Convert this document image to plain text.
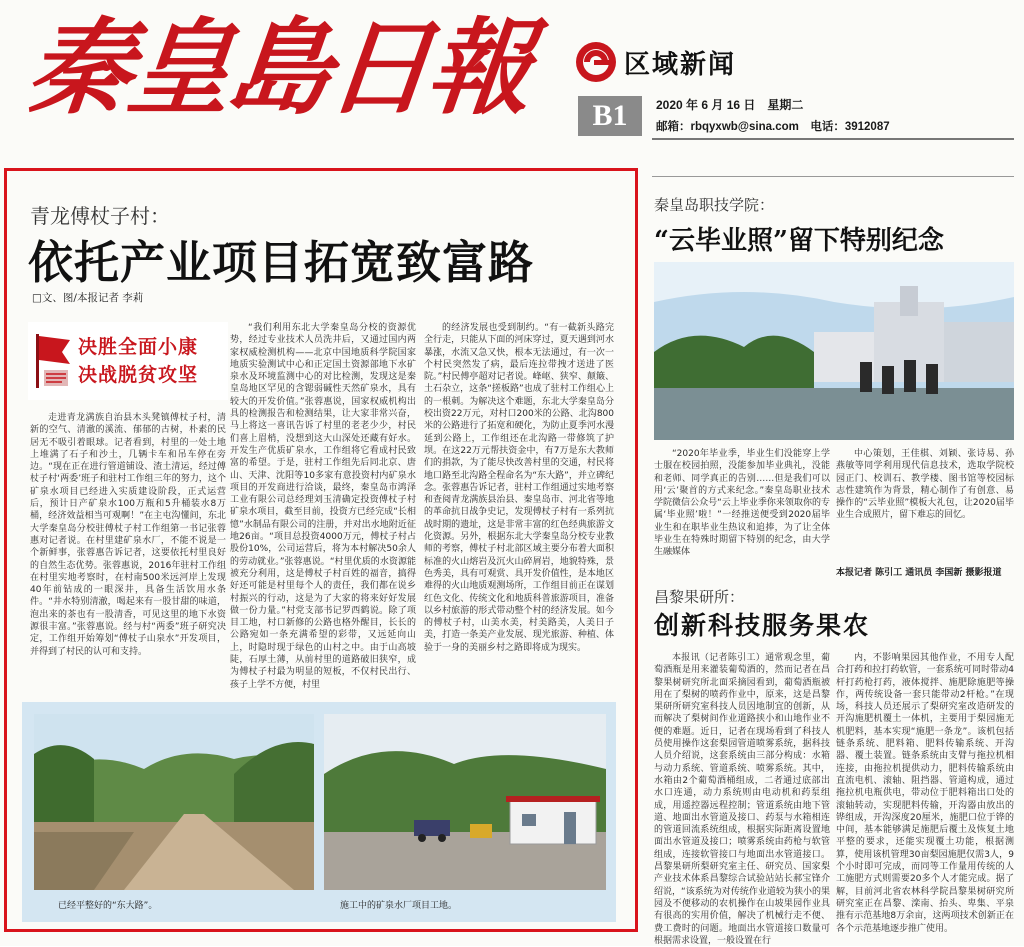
秦皇島日報	区域新闻
B1	2020 年 6 月 16 日　星期二
邮箱：rbqyxwb@sina.com　电话：3912087
青龙傅杖子村：
依托产业项目拓宽致富路
□文、图/本报记者 李莉
决胜全面小康
决战脱贫攻坚
走进青龙满族自治县木头凳镇傅杖子村，清新的空气、清澈的溪流、郁郁的古树，朴素的民居无不吸引着眼球。记者看到，村里的一处土地上堆满了石子和沙土，几辆卡车和吊车停在旁边。“现在正在进行管道铺设、渣土清运，经过傅杖子村‘两委’班子和驻村工作组三年的努力，这个矿泉水项目已经进入实质建设阶段，正式运营后，预计日产矿泉水100万瓶和5升桶装水8万桶，经济效益相当可观啊！”在主屯沟懂间，东北大学秦皇岛分校驻傅杖子村工作组第一书记张蓉惠对记者说。在村里建矿泉水厂，不能不说是一个新鲜事，张蓉惠告诉记者，这要依托村里良好的自然生态优势。张蓉惠说，2016年驻村工作组在村里实地考察时，在村南500米远河岸上发现40年前钻成的一眼深井，具备生活饮用水条件。“井水特别清澈，喝起来有一股甘甜的味道，泡出来的茶也有一股清香，可见这里的地下水资源很丰富。”张蓉惠说。经与村“两委”班子研究决定，工作组开始筹划“傅杖子山泉水”开发项目，并得到了村民的认可和支持。
“我们利用东北大学秦皇岛分校的资源优势，经过专业技术人员洗井后，又通过国内两家权威检测机构——北京中国地质科学院国家地质实验测试中心和正定国土资源部地下水矿泉水及环境监测中心的对比检测，发现这是秦皇岛地区罕见的含锶弱碱性天然矿泉水，具有较大的开发价值。”张蓉惠说，国家权威机构出具的检测报告和检测结果，让大家非常兴奋，马上将这一喜讯告诉了村里的老老少少，村民们喜上眉梢，没想到这大山深处还藏有好水。开发生产优质矿泉水，工作组将它看成村民致富的希望。于是，驻村工作组先后同北京、唐山、天津、沈阳等10多家有意投资村内矿泉水项目的开发商进行洽谈，最终，秦皇岛市鸿泽工业有限公司总经理刘玉清确定投资傅杖子村矿泉水项目，截至目前，投资方已经完成“长相憶”水制品有限公司的注册，并对出水地附近征地26亩。“项目总投资4000万元，傅杖子村占股份10%，公司运营后，将为本村解决50余人的劳动就业。”张蓉惠说。“村里优质的水资源能被充分利用，这是傅杖子村百姓的福音，搞得好还可能是村里每个人的责任，我们都在说乡村振兴的行动，这是为了大家的将来好好发展做一份力量。”村党支部书记罗西鹤说。除了项目工地，村口新修的公路也格外醒目，长长的公路宛如一条充满希望的彩带，又远延向山上，时隐时现于绿色的山村之中。由于山高坡陡，石厚土薄，从前村里的道路破旧狭窄，成为傅杖子村最为明显的短板，不仅村民出行、孩子上学不方便，村里
的经济发展也受到制约。“有一截新头路完全行走，只能从下面的河床穿过，夏天遇到河水暴涨，水流又急又快，根本无法通过，有一次一个村民突然发了病，最后连拉带拽才送进了医院。”村民傅亭超对记者说。峰岖、狭窄、颠簸、土石杂立，这条“搓板路”也成了驻村工作组心上的一根刺。为解决这个难题，东北大学秦皇岛分校出资22万元，对村口200米的公路、北沟800米的公路进行了拓宽和硬化，为防止夏季河水漫延到公路上，工作组还在北沟路一带修筑了护坝。在这22万元帮扶资金中，有7万是东大教师们的捐款，为了能尽快改善村里的交通，村民将地口路至北沟路全程命名为“东大路”，并立碑纪念。张蓉惠告诉记者，驻村工作组通过实地考察和查阅青龙满族县治县、秦皇岛市、河北省等地的革命抗日战争史记，发现傅杖子村有一系列抗战时期的遗址，这是非常丰富的红色经典旅游文化资源。另外，根据东北大学秦皇岛分校专业教师的考察，傅杖子村北部区域主要分布着大面积标准的火山熔岩及沉火山碎屑岩，地貌特殊，景色秀美，具有可观赏、具开发价值性，是本地区难得的火山地质观测场所，工作组目前正在谋划红色文化、传统文化和地质科普旅游项目，准备以乡村旅游的形式带动整个村的经济发展。如今的傅杖子村，山美水美，村美路美，人美日子美，打造一条美产业发展、现光旅游、种植、体验于一身的美丽乡村之路即将成为现实。
已经平整好的“东大路”。	施工中的矿泉水厂项目工地。
秦皇岛职技学院：
“云毕业照”留下特别纪念
“2020年毕业季，毕业生们没能穿上学士服在校园拍照，没能参加毕业典礼，没能和老师、同学真正的告别……但是我们可以用‘云’聚首的方式来纪念。”秦皇岛职业技术学院微信公众号“云上毕业季你来领取你的专属‘毕业照’啦！”一经推送便受到2020届毕业生和在职毕业生热议和追捧，为了让全体毕业生在特殊时期留下特别的纪念，由大学生融媒体
中心策划，王佳棋、刘颖、张诗易、孙燕敏等同学利用现代信息技术，选取学院校园正门、校训石、教学楼、图书馆等校园标志性建筑作为背景，精心制作了有创意、易操作的“云毕业照”模板大礼包，让2020届毕业生合成照片，留下难忘的回忆。
本报记者 陈引工 通讯员 李国新 摄影报道
昌黎果研所：
创新科技服务果农
本报讯（记者陈引工）通常观念里，葡萄酒瓶是用来灌装葡萄酒的，然而记者在昌黎果树研究所北面采摘园看到，葡萄酒瓶被用在了梨树的喷药作业中，原来，这是昌黎果研所研究室科技人员因地制宜的创新，从而解决了梨树间作业道路挟小和山地作业不便的难题。近日，记者在现场看到了科技人员使用操作这套梨园管道喷雾系统，据科技人员介绍说，这套系统由三部分构成：水箱与动力系统、管道系统、喷雾系统。其中，水箱由2个葡萄酒桶组成，二者通过底部出水口连通，动力系统则由电动机和药泵组成，用遥控器远程控制；管道系统由地下管道、地面出水管道及接口、药泵与水箱相连的管道回流系统组成，根据实际距离设置地面出水管道及接口；喷雾系统由药枪与软管组成，连接软管接口与地面出水管道接口。昌黎果研所梨研究室主任、研究员、国家梨产业技术体系昌黎综合试验站站长郝宝锋介绍说，“该系统为对传统作业道较为狭小的果园及不便移动的农机操作在山坡果园作业具有很高的实用价值，解决了机械行走不便、费工费时的问题。地面出水管道接口数量可根据需求设置，一般设置在行
内，不影响果园其他作业，不用专人配合打药和拉打药软管，一套系统可同时带动4杆打药枪打药，液体搅拌、施肥除施肥等操作，两传统设备一套只能带动2杆枪。”在现场，科技人员还展示了梨研究室改造研发的开沟施肥机覆土一体机，主要用于梨园施无机肥料，基本实现“施肥一条龙”。该机包括链条系统、肥料箱、肥料传输系统、开沟器、覆土装置。链条系统由支臂与拖拉机相连接，由拖拉机提供动力，肥料传输系统由直流电机、滚轴、阻挡器、管道构成，通过拖拉机电瓶供电，带动位于肥料箱出口处的滚轴转动，实现肥料传输，开沟器由放出的铧组成，开沟深度20厘米，施肥口位于铧的中间，基本能够满足施肥后覆土及恢复土地平整的要求，还能实现覆土功能，根据测算，使用该机管理30亩梨园施肥仅需3人，9个小时即可完成，而同等工作量用传统的人工施肥方式则需要20多个人才能完成。据了解，目前河北省农林科学院昌黎果树研究所研究室正在昌黎、滦南、抬头、卑集、平泉推有示范基地8万余亩，这两项技术创新正在各个示范基地逐步推广使用。
